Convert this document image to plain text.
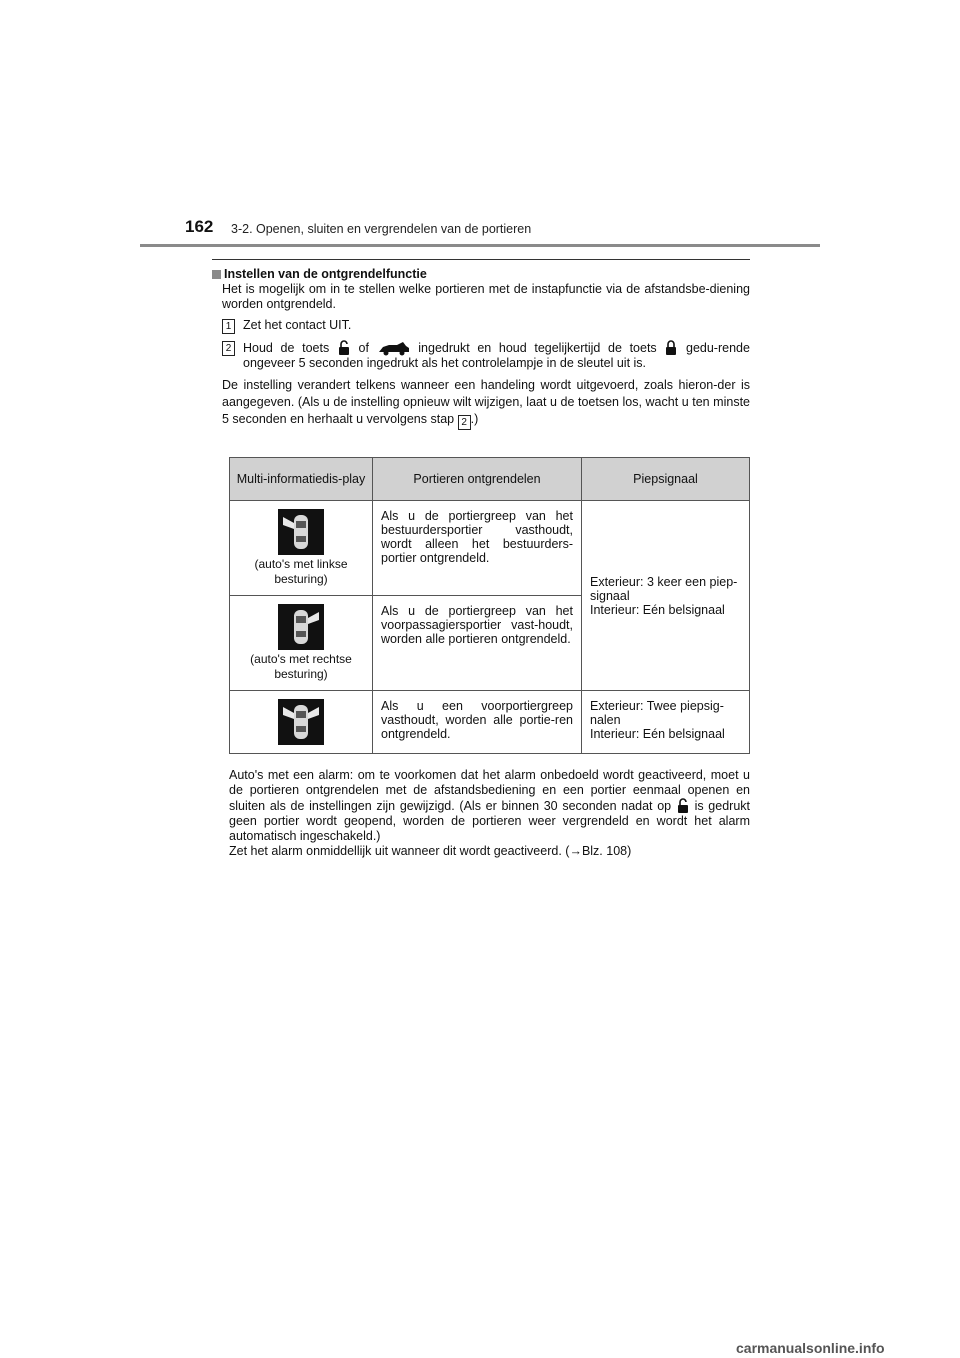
162 3-2. Openen, sluiten en vergrendelen van de portieren
Instellen van de ontgrendelfunctie
Het is mogelijk om in te stellen welke portieren met de instapfunctie via de afstandsbe-diening worden ontgrendeld.
1 Zet het contact UIT.
2 Houd de toets of	ingedrukt en houd tegelijkertijd de toets gedu-rende ongeveer 5 seconden ingedrukt als het controlelampje in de sleutel uit is.
De instelling verandert telkens wanneer een handeling wordt uitgevoerd, zoals hieron-der is aangegeven. (Als u de instelling opnieuw wilt wijzigen, laat u de toetsen los, wacht u ten minste 5 seconden en herhaalt u vervolgens stap 2 .)
Multi-informatiedis-play	Portieren ontgrendelen	Piepsignaal

(auto's met linkse besturing)	Als u de portiergreep van het bestuurdersportier vasthoudt, wordt alleen het bestuurders-portier ontgrendeld.	Exterieur: 3 keer een piep-signaal
Interieur: Eén belsignaal

(auto's met rechtse besturing)	Als u de portiergreep van het voorpassagiersportier vast-houdt, worden alle portieren ontgrendeld.	

	Als u een voorportiergreep vasthoudt, worden alle portie-ren ontgrendeld.	Exterieur: Twee piepsig-nalen
Interieur: Eén belsignaal
Auto's met een alarm: om te voorkomen dat het alarm onbedoeld wordt geactiveerd, moet u de portieren ontgrendelen met de afstandsbediening en een portier eenmaal openen en sluiten als de instellingen zijn gewijzigd. (Als er binnen 30 seconden nadat op is gedrukt geen portier wordt geopend, worden de portieren weer vergrendeld en wordt het alarm automatisch ingeschakeld.)
Zet het alarm onmiddellijk uit wanneer dit wordt geactiveerd. (→Blz. 108)
carmanualsonline.info
